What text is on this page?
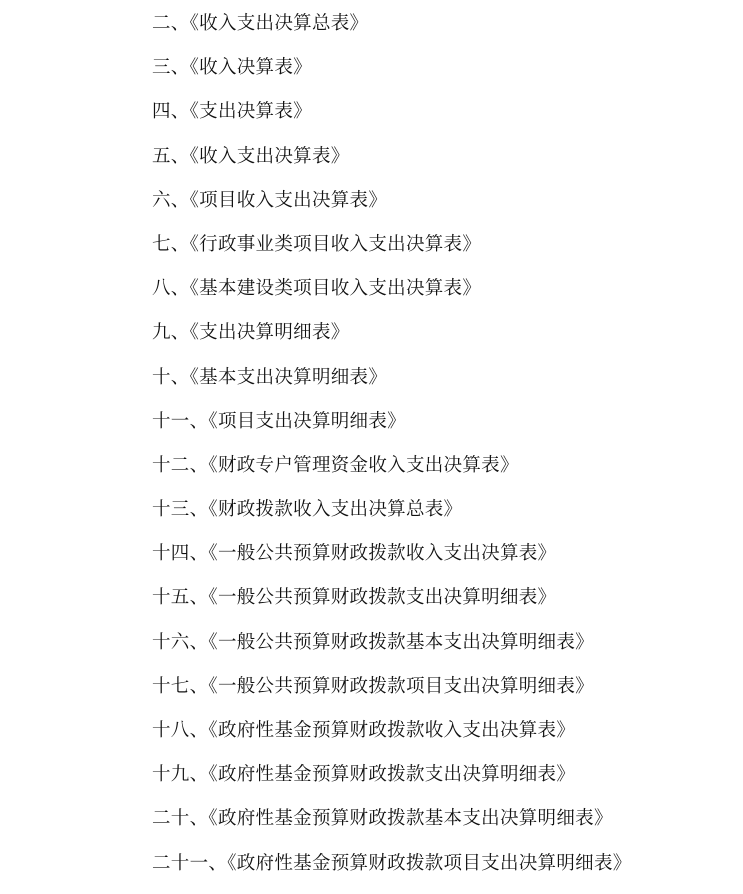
二、《收入支出决算总表》
三、《收入决算表》
四、《支出决算表》
五、《收入支出决算表》
六、《项目收入支出决算表》
七、《行政事业类项目收入支出决算表》
八、《基本建设类项目收入支出决算表》
九、《支出决算明细表》
十、《基本支出决算明细表》
十一、《项目支出决算明细表》
十二、《财政专户管理资金收入支出决算表》
十三、《财政拨款收入支出决算总表》
十四、《一般公共预算财政拨款收入支出决算表》
十五、《一般公共预算财政拨款支出决算明细表》
十六、《一般公共预算财政拨款基本支出决算明细表》
十七、《一般公共预算财政拨款项目支出决算明细表》
十八、《政府性基金预算财政拨款收入支出决算表》
十九、《政府性基金预算财政拨款支出决算明细表》
二十、《政府性基金预算财政拨款基本支出决算明细表》
二十一、《政府性基金预算财政拨款项目支出决算明细表》
